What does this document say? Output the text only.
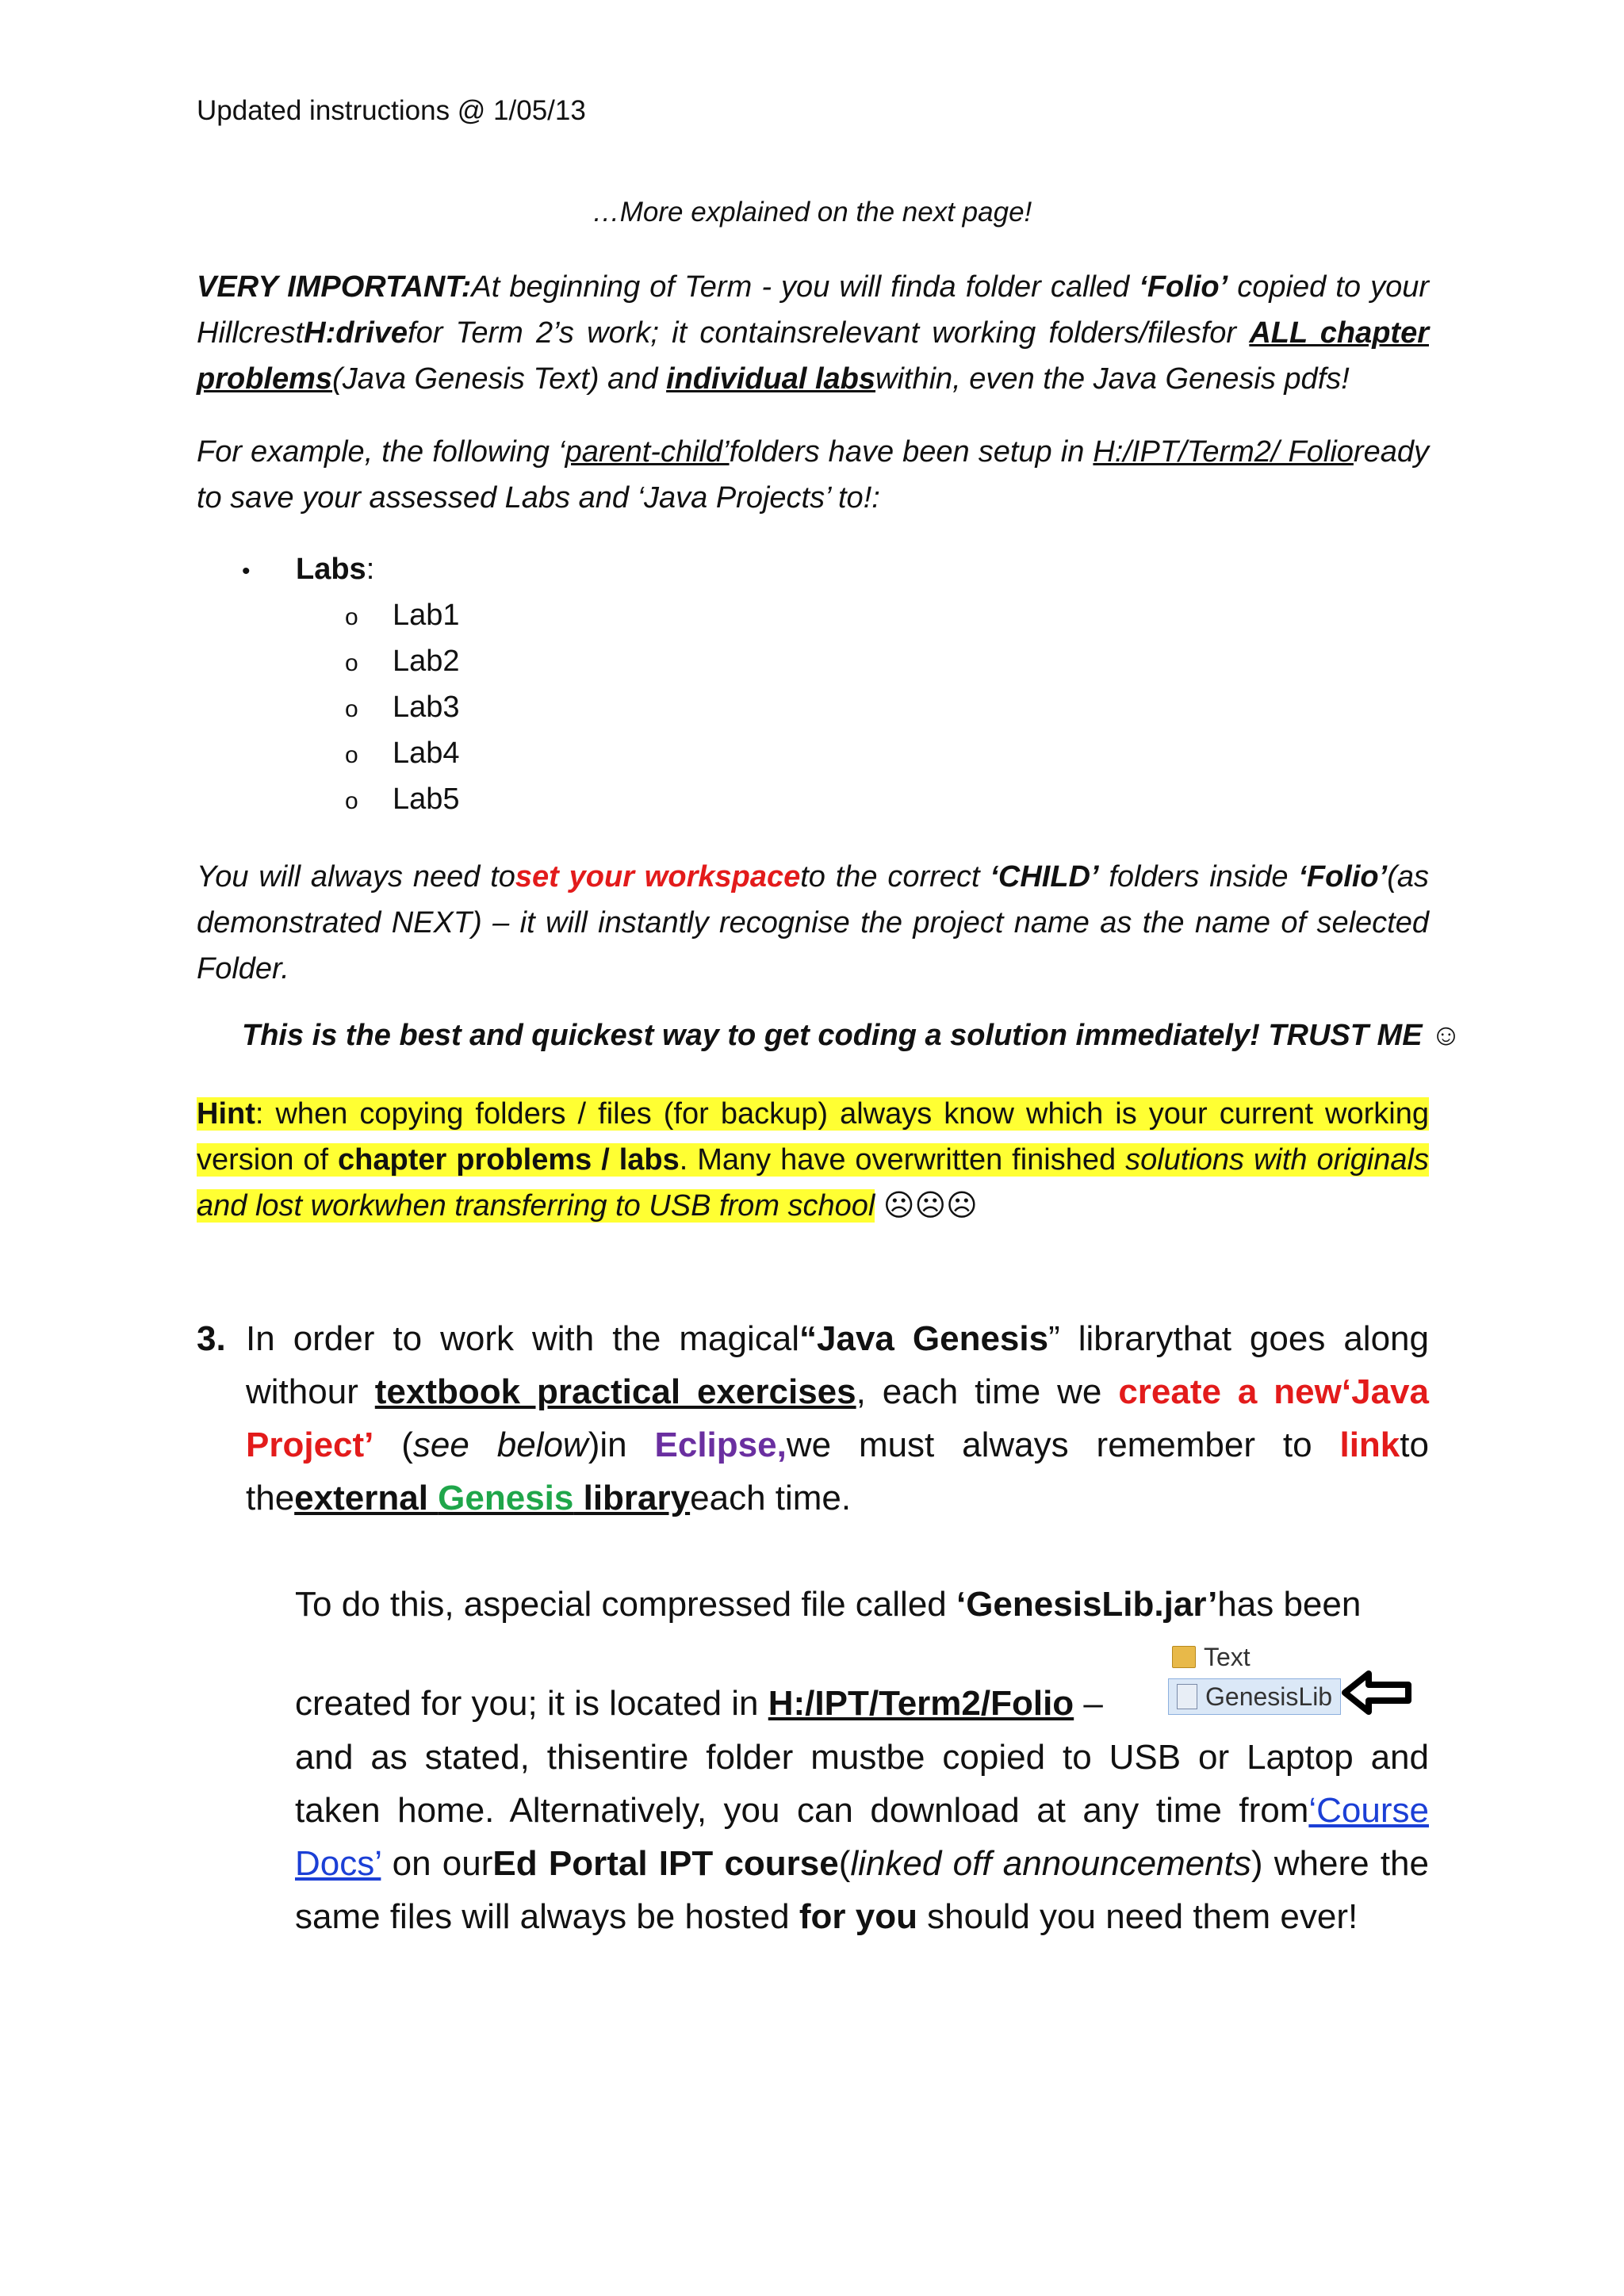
Updated instructions @ 1/05/13
…More explained on the next page!
VERY IMPORTANT:At beginning of Term - you will finda folder called ‘Folio’ copied to your HillcrestH:drivefor Term 2’s work; it containsrelevant working folders/filesfor ALL chapter problems(Java Genesis Text) and individual labswithin, even the Java Genesis pdfs!
For example, the following ‘parent-child’folders have been setup in H:/IPT/Term2/ Folioready to save your assessed Labs and ‘Java Projects’ to!:
• Labs:
o Lab1
o Lab2
o Lab3
o Lab4
o Lab5
You will always need toset your workspaceto the correct ‘CHILD’ folders inside ‘Folio’(as demonstrated NEXT) – it will instantly recognise the project name as the name of selected Folder.
This is the best and quickest way to get coding a solution immediately! TRUST ME ☺
Hint: when copying folders / files (for backup) always know which is your current working version of chapter problems / labs. Many have overwritten finished solutions with originals and lost workwhen transferring to USB from school ☹☹☹
3. In order to work with the magical“Java Genesis” librarythat goes along withour textbook practical exercises, each time we create a new‘Java Project’ (see below)in Eclipse,we must always remember to linkto theexternal Genesis libraryeach time.
To do this, aspecial compressed file called ‘GenesisLib.jar’has been
created for you; it is located in H:/IPT/Term2/Folio –
and as stated, thisentire folder mustbe copied to USB or Laptop and taken home. Alternatively, you can download at any time from‘Course Docs’ on ourEd Portal IPT course(linked off announcements) where the same files will always be hosted for you should you need them ever!
Text
GenesisLib
